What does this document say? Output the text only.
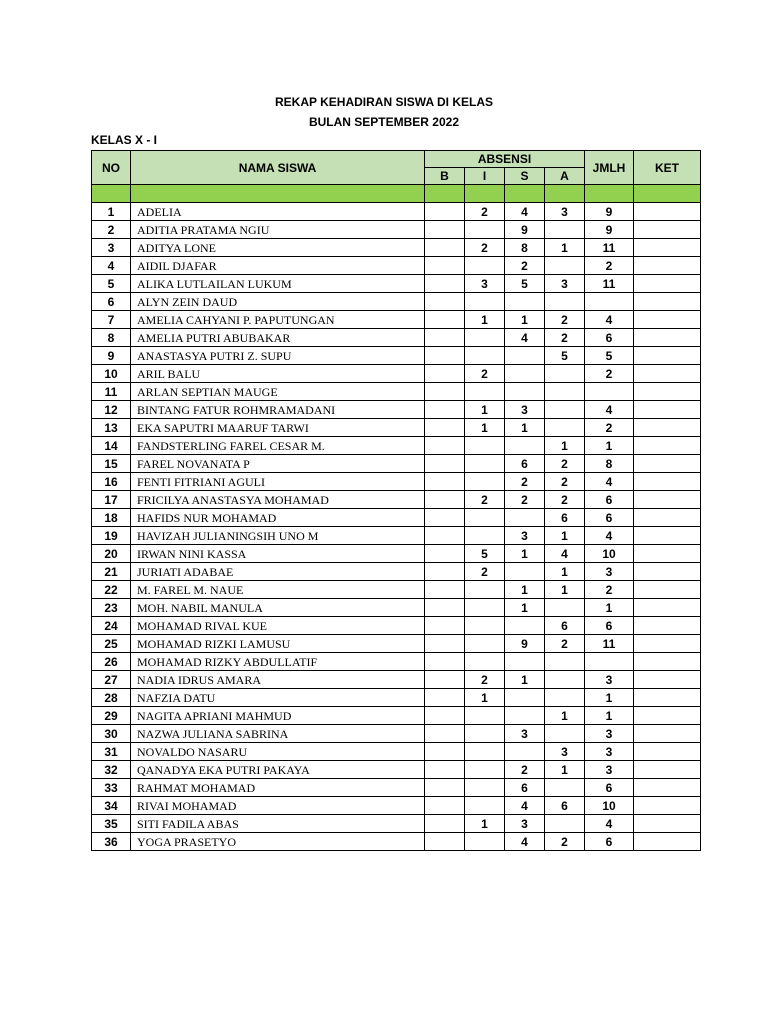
REKAP KEHADIRAN SISWA DI KELAS
BULAN SEPTEMBER 2022
KELAS X - I
NO	NAMA SISWA	ABSENSI				JMLH	KET
		B	I	S	A		

1	ADELIA		2	4	3	9	
2	ADITIA PRATAMA NGIU			9		9	
3	ADITYA LONE		2	8	1	11	
4	AIDIL DJAFAR			2		2	
5	ALIKA LUTLAILAN LUKUM		3	5	3	11	
6	ALYN ZEIN DAUD						
7	AMELIA CAHYANI P. PAPUTUNGAN		1	1	2	4	
8	AMELIA PUTRI ABUBAKAR			4	2	6	
9	ANASTASYA PUTRI Z. SUPU				5	5	
10	ARIL BALU		2			2	
11	ARLAN SEPTIAN MAUGE						
12	BINTANG FATUR ROHMRAMADANI		1	3		4	
13	EKA SAPUTRI MAARUF TARWI		1	1		2	
14	FANDSTERLING FAREL CESAR M.				1	1	
15	FAREL NOVANATA P			6	2	8	
16	FENTI FITRIANI AGULI			2	2	4	
17	FRICILYA ANASTASYA MOHAMAD		2	2	2	6	
18	HAFIDS NUR MOHAMAD				6	6	
19	HAVIZAH JULIANINGSIH UNO M			3	1	4	
20	IRWAN NINI KASSA		5	1	4	10	
21	JURIATI ADABAE		2		1	3	
22	M. FAREL M. NAUE			1	1	2	
23	MOH. NABIL MANULA			1		1	
24	MOHAMAD RIVAL KUE				6	6	
25	MOHAMAD RIZKI LAMUSU			9	2	11	
26	MOHAMAD RIZKY ABDULLATIF						
27	NADIA IDRUS AMARA		2	1		3	
28	NAFZIA DATU		1			1	
29	NAGITA APRIANI MAHMUD				1	1	
30	NAZWA JULIANA SABRINA			3		3	
31	NOVALDO NASARU				3	3	
32	QANADYA EKA PUTRI PAKAYA			2	1	3	
33	RAHMAT MOHAMAD			6		6	
34	RIVAI MOHAMAD			4	6	10	
35	SITI FADILA ABAS		1	3		4	
36	YOGA PRASETYO			4	2	6	
